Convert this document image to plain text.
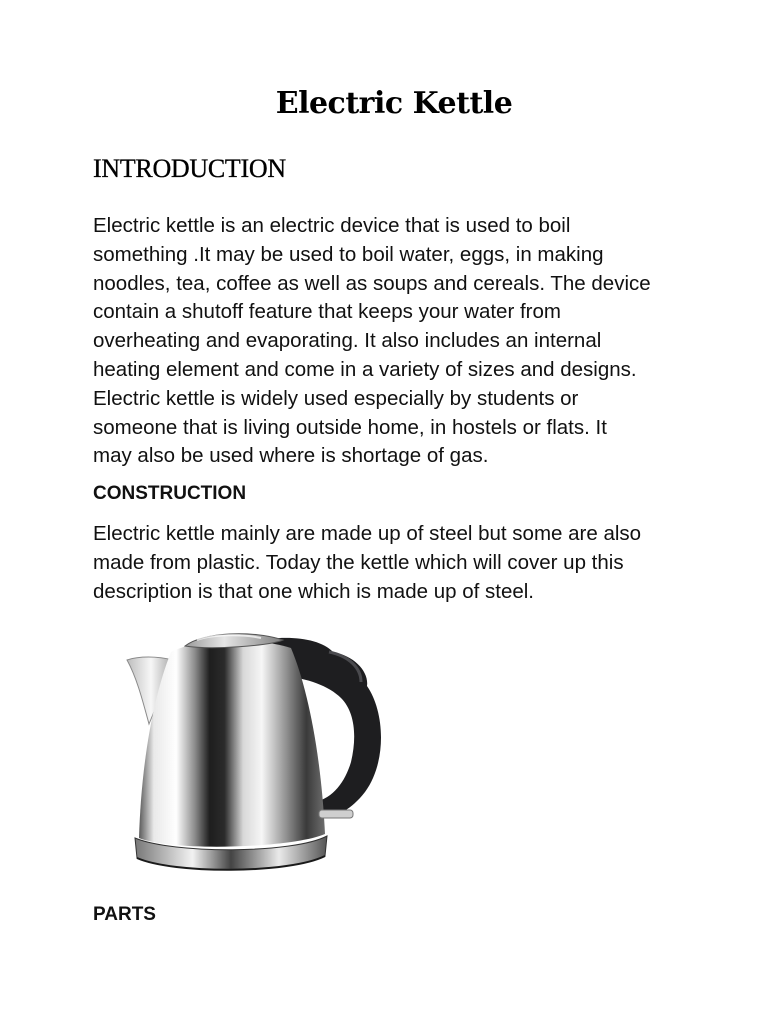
Electric Kettle
INTRODUCTION

Electric kettle is an electric device that is used to boil
something .It may be used to boil water, eggs, in making
noodles, tea, coffee as well as soups and cereals. The device
contain a shutoff feature that keeps your water from
overheating and evaporating. It also includes an internal
heating element and come in a variety of sizes and designs.
Electric kettle is widely used especially by students or
someone that is living outside home, in hostels or flats. It
may also be used where is shortage of gas.

CONSTRUCTION

Electric kettle mainly are made up of steel but some are also
made from plastic. Today the kettle which will cover up this
description is that one which is made up of steel.

PARTS
